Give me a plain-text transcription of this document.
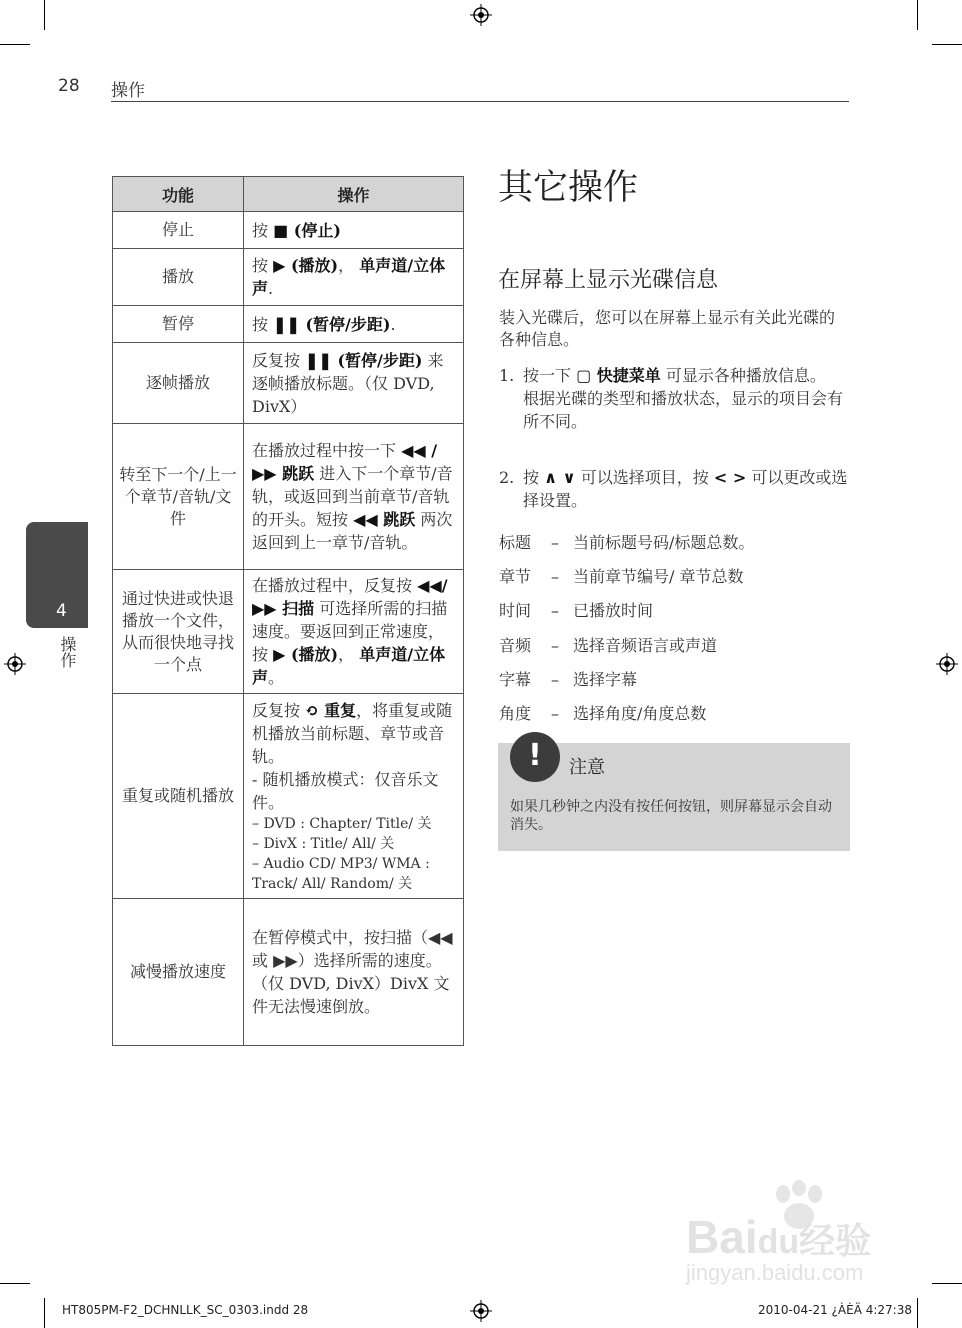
28 操作
4
操作
功能	操作
停止	按 ■ (停止)
播放	按 ▶ (播放)， 单声道/立体声.
暂停	按 ❚❚ (暂停/步距).
逐帧播放	反复按 ❚❚ (暂停/步距) 来逐帧播放标题。（仅 DVD, DivX）
转至下一个/上一个章节/音轨/文件	在播放过程中按一下 ◀◀ /▶▶ 跳跃 进入下一个章节/音轨，或返回到当前章节/音轨的开头。短按 ◀◀ 跳跃 两次返回到上一章节/音轨。
通过快进或快退播放一个文件，从而很快地寻找一个点	在播放过程中，反复按 ◀◀/▶▶ 扫描 可选择所需的扫描速度。要返回到正常速度，按 ▶ (播放)， 单声道/立体声。
重复或随机播放	反复按 ⟲ 重复，将重复或随机播放当前标题、章节或音轨。
- 随机播放模式：仅音乐文件。
– DVD : Chapter/ Title/ 关
– DivX : Title/ All/ 关
– Audio CD/ MP3/ WMA : Track/ All/ Random/ 关

减慢播放速度	在暂停模式中，按扫描（◀◀ 或 ▶▶）选择所需的速度。（仅 DVD, DivX）DivX 文件无法慢速倒放。
其它操作
在屏幕上显示光碟信息
装入光碟后，您可以在屏幕上显示有关此光碟的各种信息。
1. 按一下 ▢ 快捷菜单 可显示各种播放信息。
根据光碟的类型和播放状态，显示的项目会有所不同。
2. 按 ∧ ∨ 可以选择项目，按 < > 可以更改或选择设置。
标题 – 当前标题号码/标题总数。
章节 – 当前章节编号/ 章节总数
时间 – 已播放时间
音频 – 选择音频语言或声道
字幕 – 选择字幕
角度 – 选择角度/角度总数
!	注意
如果几秒钟之内没有按任何按钮，则屏幕显示会自动消失。
Baidu经验
jingyan.baidu.com
HT805PM-F2_DCHNLLK_SC_0303.indd 28	2010-04-21 ¿ÀÈÄ 4:27:38
